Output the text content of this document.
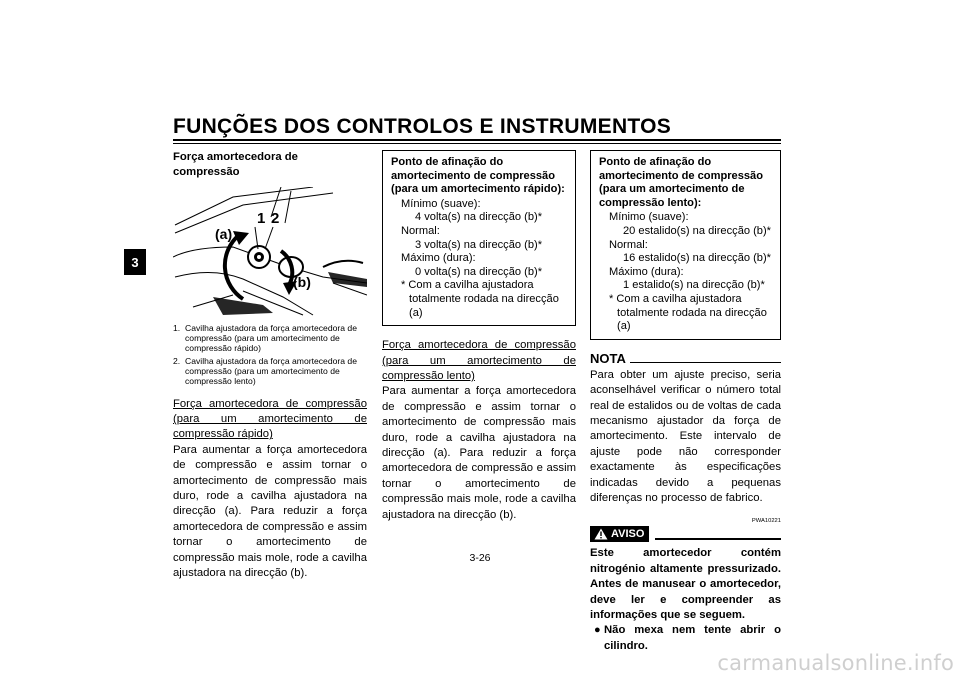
FUNÇÕES DOS CONTROLOS E INSTRUMENTOS
3
Força amortecedora de compressão
1 2
(a)
(b)
1. Cavilha ajustadora da força amortecedora de compressão (para um amortecimento de compressão rápido)
2. Cavilha ajustadora da força amortecedora de compressão (para um amortecimento de compressão lento)

Força amortecedora de compressão (para um amortecimento de compressão rápido)

Para aumentar a força amortecedora de compressão e assim tornar o amortecimento de compressão mais duro, rode a cavilha ajustadora na direcção (a). Para reduzir a força amortecedora de compressão e assim tornar o amortecimento de compressão mais mole, rode a cavilha ajustadora na direcção (b).

Ponto de afinação do amortecimento de compressão (para um amortecimento rápido):
Mínimo (suave):
4 volta(s) na direcção (b)*
Normal:
3 volta(s) na direcção (b)*
Máximo (dura):
0 volta(s) na direcção (b)*
* Com a cavilha ajustadora totalmente rodada na direcção (a)

Força amortecedora de compressão (para um amortecimento de compressão lento)

Para aumentar a força amortecedora de compressão e assim tornar o amortecimento de compressão mais duro, rode a cavilha ajustadora na direcção (a). Para reduzir a força amortecedora de compressão e assim tornar o amortecimento de compressão mais mole, rode a cavilha ajustadora na direcção (b).

Ponto de afinação do amortecimento de compressão (para um amortecimento de compressão lento):
Mínimo (suave):
20 estalido(s) na direcção (b)*
Normal:
16 estalido(s) na direcção (b)*
Máximo (dura):
1 estalido(s) na direcção (b)*
* Com a cavilha ajustadora totalmente rodada na direcção (a)
NOTA

Para obter um ajuste preciso, seria aconselhável verificar o número total real de estalidos ou de voltas de cada mecanismo ajustador da força de amortecimento. Este intervalo de ajuste pode não corresponder exactamente às especificações indicadas devido a pequenas diferenças no processo de fabrico.

PWA10221
AVISO

Este amortecedor contém nitrogénio altamente pressurizado. Antes de manusear o amortecedor, deve ler e compreender as informações que se seguem.

● Não mexa nem tente abrir o cilindro.
3-26
carmanualsonline.info
